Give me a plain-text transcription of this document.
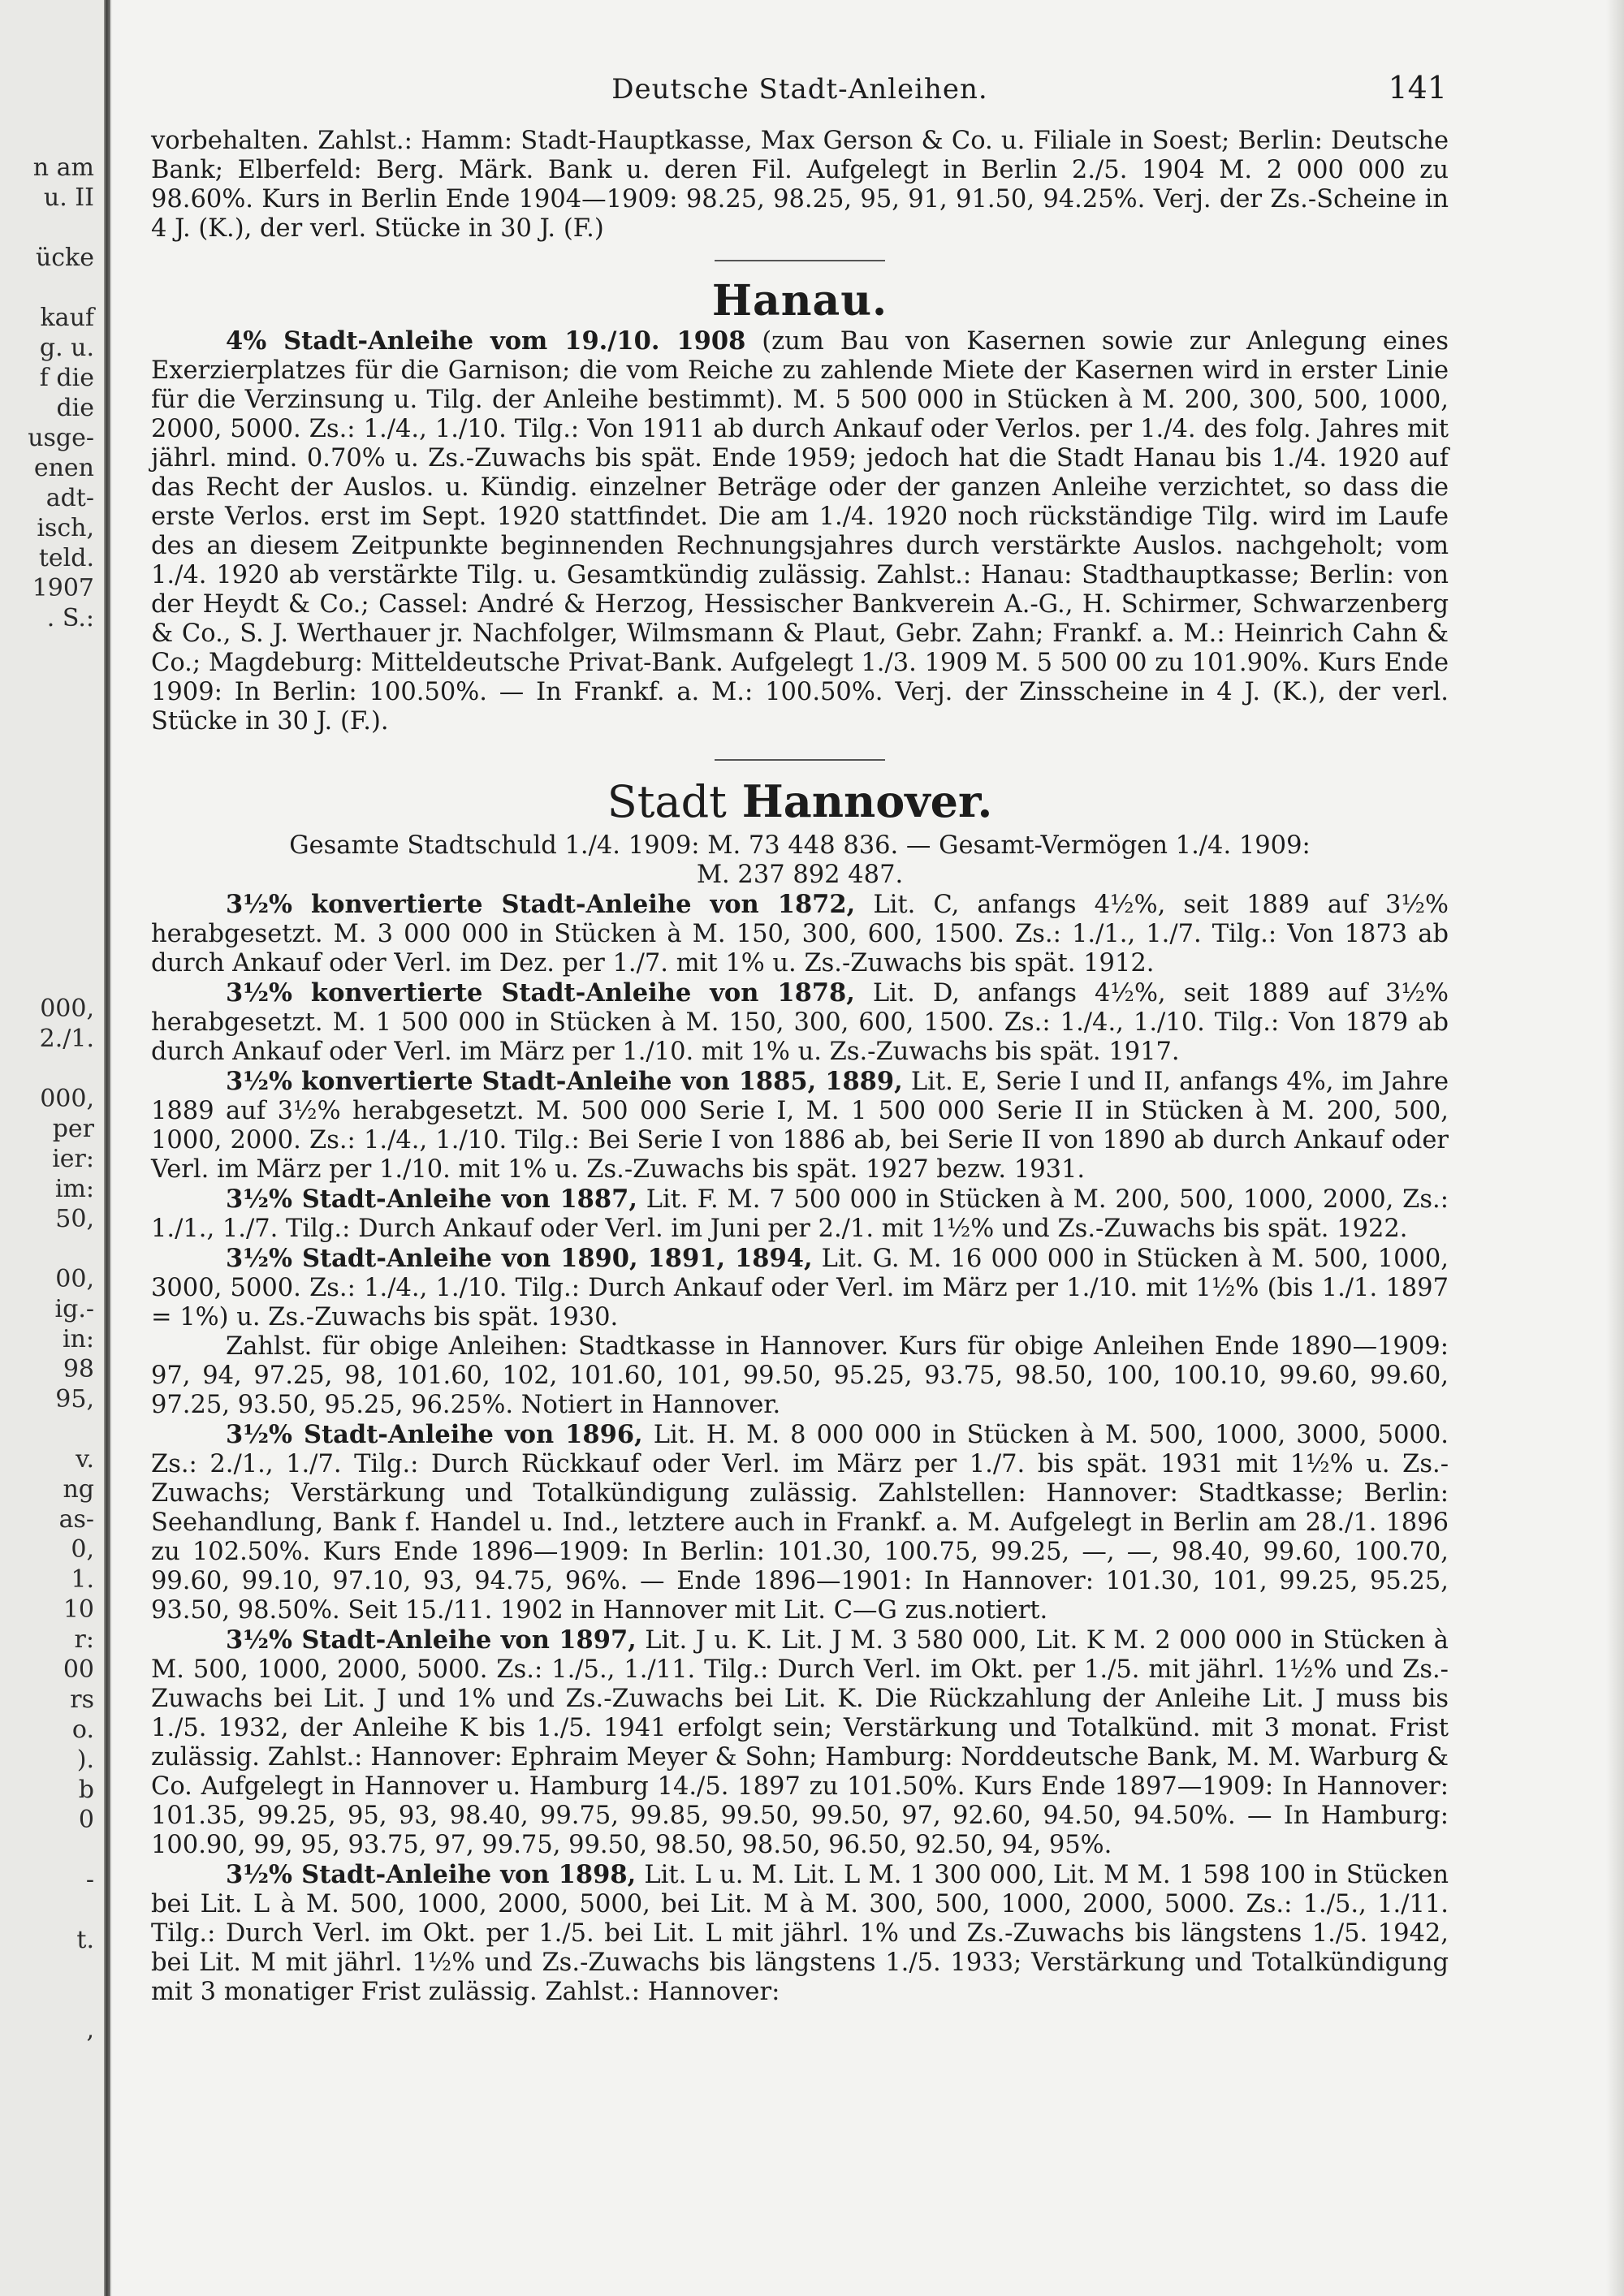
n am
u. II
ücke
kauf
g. u.
f die
die
usge-
enen
adt-
isch,
teld.
1907
. S.:
000,
2./1.
000,
per
ier:
im:
50,
00,
ig.-
in:
98
95,
v.
ng
as-
0,
1.
10
r:
00
rs
o.
).
b
0
-
t.
,
Deutsche Stadt-Anleihen.	141

vorbehalten. Zahlst.: Hamm: Stadt-Hauptkasse, Max Gerson & Co. u. Filiale in Soest; Berlin: Deutsche Bank; Elberfeld: Berg. Märk. Bank u. deren Fil. Aufgelegt in Berlin 2./5. 1904 M. 2 000 000 zu 98.60%. Kurs in Berlin Ende 1904—1909: 98.25, 98.25, 95, 91, 91.50, 94.25%. Verj. der Zs.-Scheine in 4 J. (K.), der verl. Stücke in 30 J. (F.)

Hanau.

4% Stadt-Anleihe vom 19./10. 1908 (zum Bau von Kasernen sowie zur Anlegung eines Exerzierplatzes für die Garnison; die vom Reiche zu zahlende Miete der Kasernen wird in erster Linie für die Verzinsung u. Tilg. der Anleihe bestimmt). M. 5 500 000 in Stücken à M. 200, 300, 500, 1000, 2000, 5000. Zs.: 1./4., 1./10. Tilg.: Von 1911 ab durch Ankauf oder Verlos. per 1./4. des folg. Jahres mit jährl. mind. 0.70% u. Zs.-Zuwachs bis spät. Ende 1959; jedoch hat die Stadt Hanau bis 1./4. 1920 auf das Recht der Auslos. u. Kündig. einzelner Beträge oder der ganzen Anleihe verzichtet, so dass die erste Verlos. erst im Sept. 1920 stattfindet. Die am 1./4. 1920 noch rückständige Tilg. wird im Laufe des an diesem Zeitpunkte beginnenden Rechnungsjahres durch verstärkte Auslos. nachgeholt; vom 1./4. 1920 ab verstärkte Tilg. u. Gesamtkündig zulässig. Zahlst.: Hanau: Stadthauptkasse; Berlin: von der Heydt & Co.; Cassel: André & Herzog, Hessischer Bankverein A.-G., H. Schirmer, Schwarzenberg & Co., S. J. Werthauer jr. Nachfolger, Wilmsmann & Plaut, Gebr. Zahn; Frankf. a. M.: Heinrich Cahn & Co.; Magdeburg: Mitteldeutsche Privat-Bank. Aufgelegt 1./3. 1909 M. 5 500 00 zu 101.90%. Kurs Ende 1909: In Berlin: 100.50%. — In Frankf. a. M.: 100.50%. Verj. der Zinsscheine in 4 J. (K.), der verl. Stücke in 30 J. (F.).

Stadt Hannover.

Gesamte Stadtschuld 1./4. 1909: M. 73 448 836. — Gesamt-Vermögen 1./4. 1909:

M. 237 892 487.

3½% konvertierte Stadt-Anleihe von 1872, Lit. C, anfangs 4½%, seit 1889 auf 3½% herabgesetzt. M. 3 000 000 in Stücken à M. 150, 300, 600, 1500. Zs.: 1./1., 1./7. Tilg.: Von 1873 ab durch Ankauf oder Verl. im Dez. per 1./7. mit 1% u. Zs.-Zuwachs bis spät. 1912.

3½% konvertierte Stadt-Anleihe von 1878, Lit. D, anfangs 4½%, seit 1889 auf 3½% herabgesetzt. M. 1 500 000 in Stücken à M. 150, 300, 600, 1500. Zs.: 1./4., 1./10. Tilg.: Von 1879 ab durch Ankauf oder Verl. im März per 1./10. mit 1% u. Zs.-Zuwachs bis spät. 1917.

3½% konvertierte Stadt-Anleihe von 1885, 1889, Lit. E, Serie I und II, anfangs 4%, im Jahre 1889 auf 3½% herabgesetzt. M. 500 000 Serie I, M. 1 500 000 Serie II in Stücken à M. 200, 500, 1000, 2000. Zs.: 1./4., 1./10. Tilg.: Bei Serie I von 1886 ab, bei Serie II von 1890 ab durch Ankauf oder Verl. im März per 1./10. mit 1% u. Zs.-Zuwachs bis spät. 1927 bezw. 1931.

3½% Stadt-Anleihe von 1887, Lit. F. M. 7 500 000 in Stücken à M. 200, 500, 1000, 2000, Zs.: 1./1., 1./7. Tilg.: Durch Ankauf oder Verl. im Juni per 2./1. mit 1½% und Zs.-Zuwachs bis spät. 1922.

3½% Stadt-Anleihe von 1890, 1891, 1894, Lit. G. M. 16 000 000 in Stücken à M. 500, 1000, 3000, 5000. Zs.: 1./4., 1./10. Tilg.: Durch Ankauf oder Verl. im März per 1./10. mit 1½% (bis 1./1. 1897 = 1%) u. Zs.-Zuwachs bis spät. 1930.

Zahlst. für obige Anleihen: Stadtkasse in Hannover. Kurs für obige Anleihen Ende 1890—1909: 97, 94, 97.25, 98, 101.60, 102, 101.60, 101, 99.50, 95.25, 93.75, 98.50, 100, 100.10, 99.60, 99.60, 97.25, 93.50, 95.25, 96.25%. Notiert in Hannover.

3½% Stadt-Anleihe von 1896, Lit. H. M. 8 000 000 in Stücken à M. 500, 1000, 3000, 5000. Zs.: 2./1., 1./7. Tilg.: Durch Rückkauf oder Verl. im März per 1./7. bis spät. 1931 mit 1½% u. Zs.-Zuwachs; Verstärkung und Totalkündigung zulässig. Zahlstellen: Hannover: Stadtkasse; Berlin: Seehandlung, Bank f. Handel u. Ind., letztere auch in Frankf. a. M. Aufgelegt in Berlin am 28./1. 1896 zu 102.50%. Kurs Ende 1896—1909: In Berlin: 101.30, 100.75, 99.25, —, —, 98.40, 99.60, 100.70, 99.60, 99.10, 97.10, 93, 94.75, 96%. — Ende 1896—1901: In Hannover: 101.30, 101, 99.25, 95.25, 93.50, 98.50%. Seit 15./11. 1902 in Hannover mit Lit. C—G zus.notiert.

3½% Stadt-Anleihe von 1897, Lit. J u. K. Lit. J M. 3 580 000, Lit. K M. 2 000 000 in Stücken à M. 500, 1000, 2000, 5000. Zs.: 1./5., 1./11. Tilg.: Durch Verl. im Okt. per 1./5. mit jährl. 1½% und Zs.-Zuwachs bei Lit. J und 1% und Zs.-Zuwachs bei Lit. K. Die Rückzahlung der Anleihe Lit. J muss bis 1./5. 1932, der Anleihe K bis 1./5. 1941 erfolgt sein; Verstärkung und Totalkünd. mit 3 monat. Frist zulässig. Zahlst.: Hannover: Ephraim Meyer & Sohn; Hamburg: Norddeutsche Bank, M. M. Warburg & Co. Aufgelegt in Hannover u. Hamburg 14./5. 1897 zu 101.50%. Kurs Ende 1897—1909: In Hannover: 101.35, 99.25, 95, 93, 98.40, 99.75, 99.85, 99.50, 99.50, 97, 92.60, 94.50, 94.50%. — In Hamburg: 100.90, 99, 95, 93.75, 97, 99.75, 99.50, 98.50, 98.50, 96.50, 92.50, 94, 95%.

3½% Stadt-Anleihe von 1898, Lit. L u. M. Lit. L M. 1 300 000, Lit. M M. 1 598 100 in Stücken bei Lit. L à M. 500, 1000, 2000, 5000, bei Lit. M à M. 300, 500, 1000, 2000, 5000. Zs.: 1./5., 1./11. Tilg.: Durch Verl. im Okt. per 1./5. bei Lit. L mit jährl. 1% und Zs.-Zuwachs bis längstens 1./5. 1942, bei Lit. M mit jährl. 1½% und Zs.-Zuwachs bis längstens 1./5. 1933; Verstärkung und Totalkündigung mit 3 monatiger Frist zulässig. Zahlst.: Hannover:
